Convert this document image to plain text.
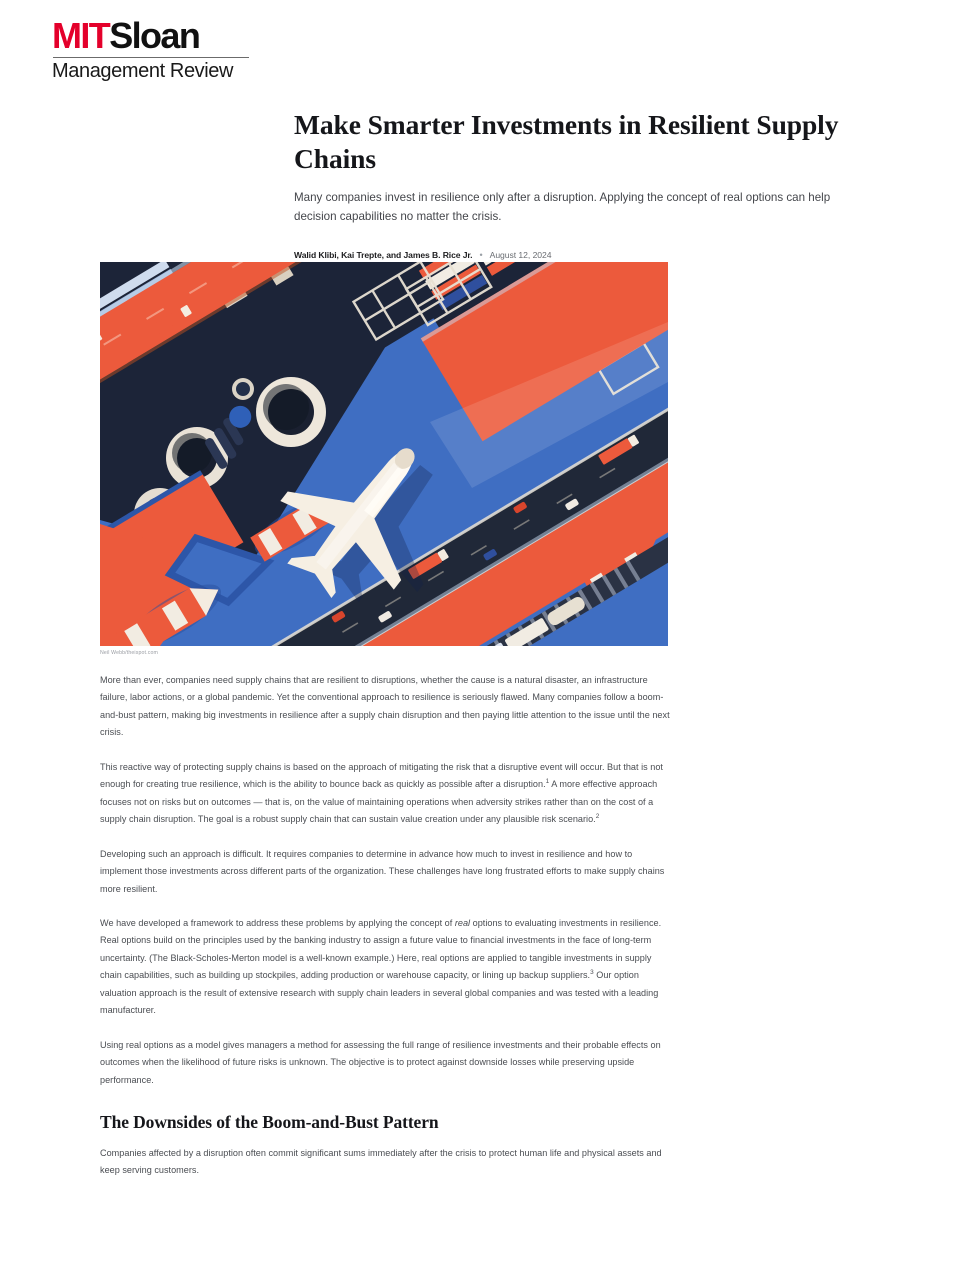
MITSloan
Management Review
Make Smarter Investments in Resilient Supply Chains

Many companies invest in resilience only after a disruption. Applying the concept of real options can help decision capabilities no matter the crisis.

Walid Klibi, Kai Trepte, and James B. Rice Jr. • August 12, 2024
Neil Webb/theispot.com

More than ever, companies need supply chains that are resilient to disruptions, whether the cause is a natural disaster, an infrastructure failure, labor actions, or a global pandemic. Yet the conventional approach to resilience is seriously flawed. Many companies follow a boom-and-bust pattern, making big investments in resilience after a supply chain disruption and then paying little attention to the issue until the next crisis.

This reactive way of protecting supply chains is based on the approach of mitigating the risk that a disruptive event will occur. But that is not enough for creating true resilience, which is the ability to bounce back as quickly as possible after a disruption.$^1$ A more effective approach focuses not on risks but on outcomes — that is, on the value of maintaining operations when adversity strikes rather than on the cost of a supply chain disruption. The goal is a robust supply chain that can sustain value creation under any plausible risk scenario.$^2$

Developing such an approach is difficult. It requires companies to determine in advance how much to invest in resilience and how to implement those investments across different parts of the organization. These challenges have long frustrated efforts to make supply chains more resilient.

We have developed a framework to address these problems by applying the concept of real options to evaluating investments in resilience. Real options build on the principles used by the banking industry to assign a future value to financial investments in the face of long-term uncertainty. (The Black-Scholes-Merton model is a well-known example.) Here, real options are applied to tangible investments in supply chain capabilities, such as building up stockpiles, adding production or warehouse capacity, or lining up backup suppliers.$^3$ Our option valuation approach is the result of extensive research with supply chain leaders in several global companies and was tested with a leading manufacturer.

Using real options as a model gives managers a method for assessing the full range of resilience investments and their probable effects on outcomes when the likelihood of future risks is unknown. The objective is to protect against downside losses while preserving upside performance.

The Downsides of the Boom-and-Bust Pattern

Companies affected by a disruption often commit significant sums immediately after the crisis to protect human life and physical assets and keep serving customers.
